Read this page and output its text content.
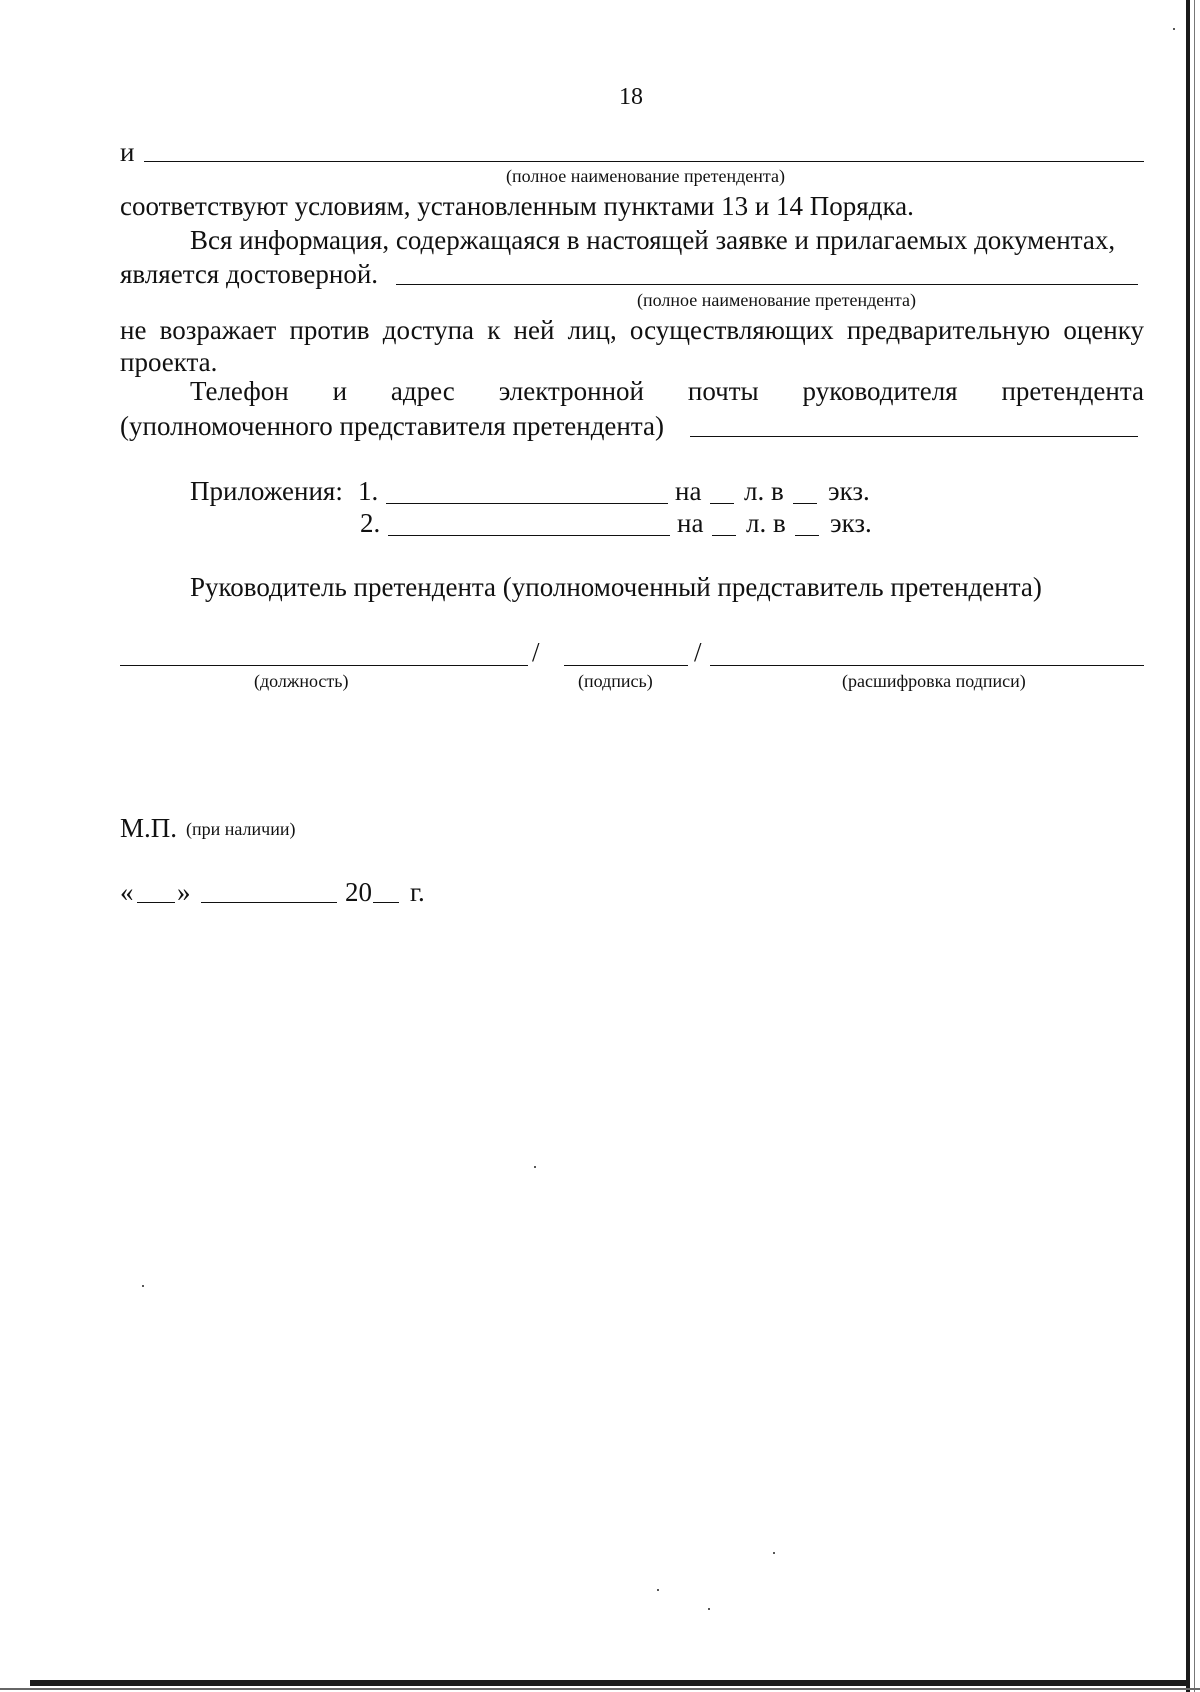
18
и
(полное наименование претендента)
соответствуют условиям, установленным пунктами 13 и 14 Порядка.
Вся информация, содержащаяся в настоящей заявке и прилагаемых документах,
является достоверной.
(полное наименование претендента)
не возражает против доступа к ней лиц, осуществляющих предварительную оценку
проекта.
Телефон и адрес электронной почты руководителя претендента
(уполномоченного представителя претендента)
Приложения: 1.	на л. в экз.
2.	на л. в экз.
Руководитель претендента (уполномоченный представитель претендента)
/	/
(должность)	(подпись)	(расшифровка подписи)
М.П. (при наличии)
« »	20 г.
